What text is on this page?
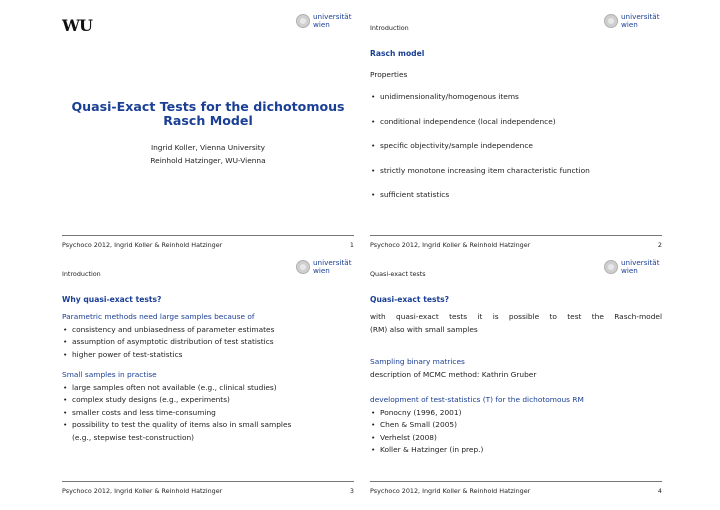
WU	universität
wien
Quasi-Exact Tests for the dichotomous
Rasch Model
Ingrid Koller, Vienna University
Reinhold Hatzinger, WU-Vienna
Psychoco 2012, Ingrid Koller & Reinhold Hatzinger	1
Introduction
universität
wien
Rasch model
Properties
• unidimensionality/homogenous items
• conditional independence (local independence)
• specific objectivity/sample independence
• strictly monotone increasing item characteristic function
• sufficient statistics
Psychoco 2012, Ingrid Koller & Reinhold Hatzinger	2
Introduction
universität
wien
Why quasi-exact tests?
Parametric methods need large samples because of
• consistency and unbiasedness of parameter estimates
• assumption of asymptotic distribution of test statistics
• higher power of test-statistics
Small samples in practise
• large samples often not available (e.g., clinical studies)
• complex study designs (e.g., experiments)
• smaller costs and less time-consuming
• possibility to test the quality of items also in small samples
(e.g., stepwise test-construction)
Psychoco 2012, Ingrid Koller & Reinhold Hatzinger	3
Quasi-exact tests
universität
wien
Quasi-exact tests?
with quasi-exact tests it is possible to test the Rasch-model
(RM) also with small samples
Sampling binary matrices
description of MCMC method: Kathrin Gruber
development of test-statistics (T) for the dichotomous RM
• Ponocny (1996, 2001)
• Chen & Small (2005)
• Verhelst (2008)
• Koller & Hatzinger (in prep.)
Psychoco 2012, Ingrid Koller & Reinhold Hatzinger	4
